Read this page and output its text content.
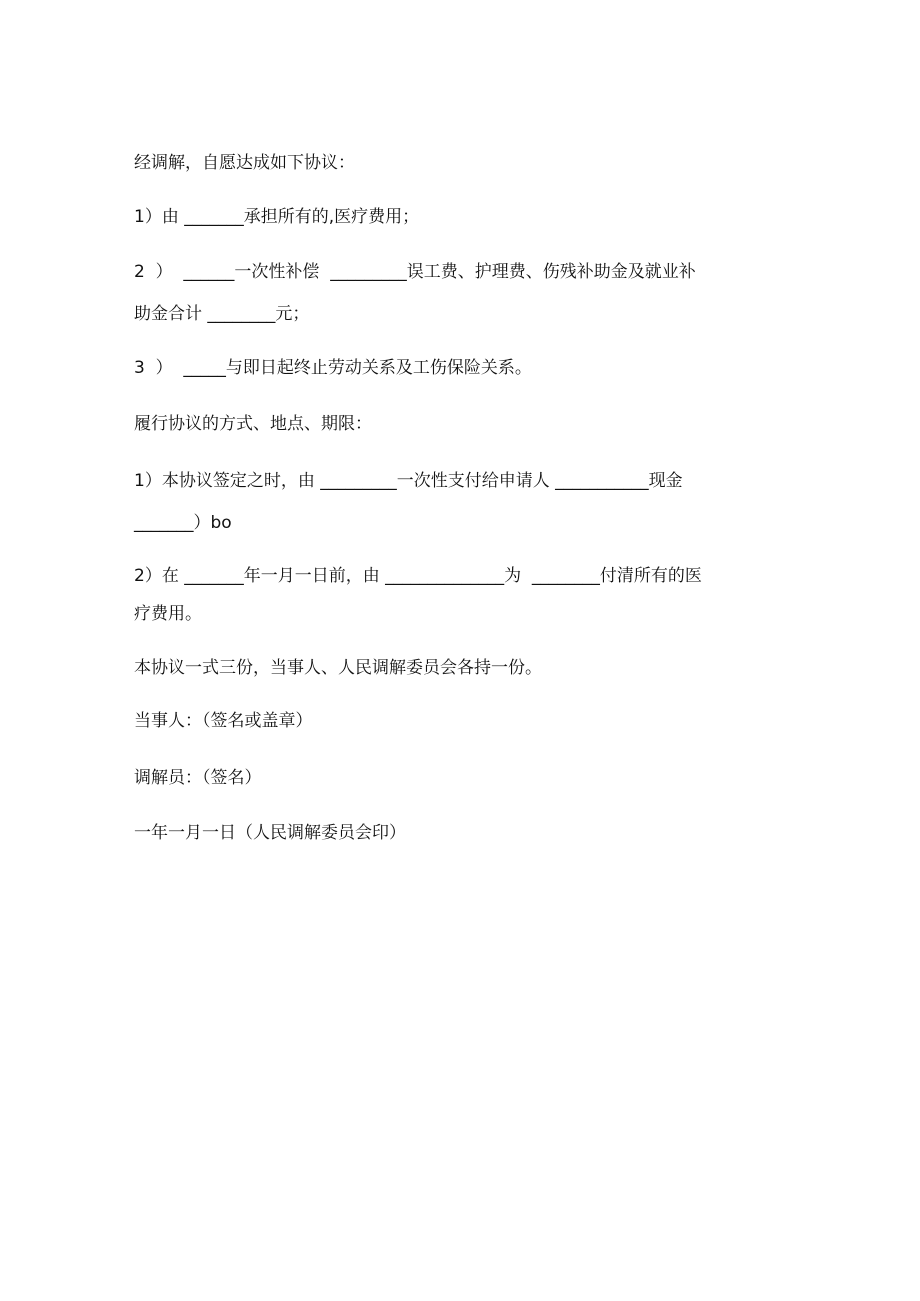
经调解，自愿达成如下协议：

1）由 _______承担所有的,医疗费用；

2  ）  ______一次性补偿  _________误工费、护理费、伤残补助金及就业补

助金合计 ________元；

3  ）  _____与即日起终止劳动关系及工伤保险关系。

履行协议的方式、地点、期限：

1）本协议签定之时，由 _________一次性支付给申请人 ___________现金

_______）bo

2）在 _______年一月一日前，由 ______________为  ________付清所有的医

疗费用。

本协议一式三份，当事人、人民调解委员会各持一份。

当事人：（签名或盖章）

调解员：（签名）

一年一月一日（人民调解委员会印）
